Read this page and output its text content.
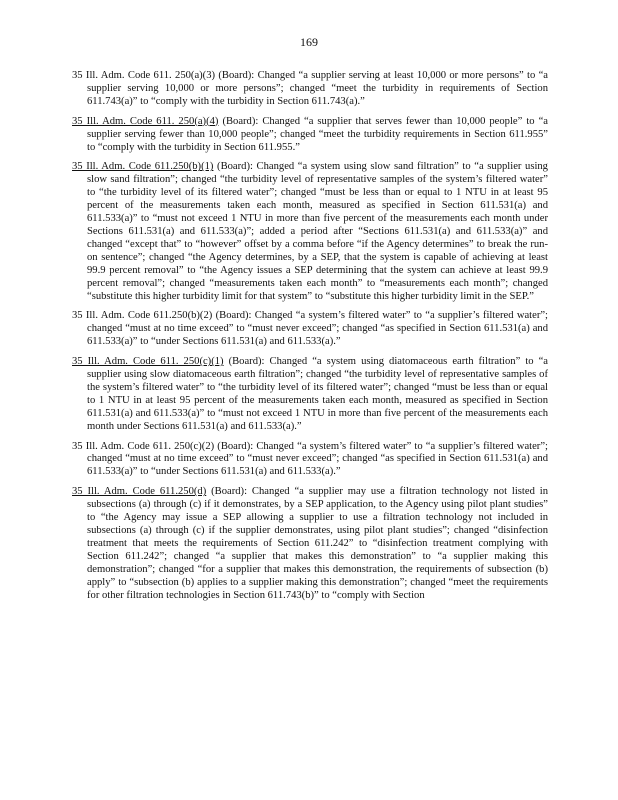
169

35 Ill. Adm. Code 611. 250(a)(3) (Board): Changed “a supplier serving at least 10,000 or more persons” to “a supplier serving 10,000 or more persons”; changed “meet the turbidity in requirements of Section 611.743(a)” to “comply with the turbidity in Section 611.743(a).”

35 Ill. Adm. Code 611. 250(a)(4) (Board): Changed “a supplier that serves fewer than 10,000 people” to “a supplier serving fewer than 10,000 people”; changed “meet the turbidity requirements in Section 611.955” to “comply with the turbidity in Section 611.955.”

35 Ill. Adm. Code 611.250(b)(1) (Board): Changed “a system using slow sand filtration” to “a supplier using slow sand filtration”; changed “the turbidity level of representative samples of the system’s filtered water” to “the turbidity level of its filtered water”; changed “must be less than or equal to 1 NTU in at least 95 percent of the measurements taken each month, measured as specified in Section 611.531(a) and 611.533(a)” to “must not exceed 1 NTU in more than five percent of the measurements each month under Sections 611.531(a) and 611.533(a)”; added a period after “Sections 611.531(a) and 611.533(a)” and changed “except that” to “however” offset by a comma before “if the Agency determines” to break the run-on sentence”; changed “the Agency determines, by a SEP, that the system is capable of achieving at least 99.9 percent removal” to “the Agency issues a SEP determining that the system can achieve at least 99.9 percent removal”; changed “measurements taken each month” to “measurements each month”; changed “substitute this higher turbidity limit for that system” to “substitute this higher turbidity limit in the SEP.”

35 Ill. Adm. Code 611.250(b)(2) (Board): Changed “a system’s filtered water” to “a supplier’s filtered water”; changed “must at no time exceed” to “must never exceed”; changed “as specified in Section 611.531(a) and 611.533(a)” to “under Sections 611.531(a) and 611.533(a).”

35 Ill. Adm. Code 611. 250(c)(1) (Board): Changed “a system using diatomaceous earth filtration” to “a supplier using slow diatomaceous earth filtration”; changed “the turbidity level of representative samples of the system’s filtered water” to “the turbidity level of its filtered water”; changed “must be less than or equal to 1 NTU in at least 95 percent of the measurements taken each month, measured as specified in Section 611.531(a) and 611.533(a)” to “must not exceed 1 NTU in more than five percent of the measurements each month under Sections 611.531(a) and 611.533(a).”

35 Ill. Adm. Code 611. 250(c)(2) (Board): Changed “a system’s filtered water” to “a supplier’s filtered water”; changed “must at no time exceed” to “must never exceed”; changed “as specified in Section 611.531(a) and 611.533(a)” to “under Sections 611.531(a) and 611.533(a).”

35 Ill. Adm. Code 611.250(d) (Board): Changed “a supplier may use a filtration technology not listed in subsections (a) through (c) if it demonstrates, by a SEP application, to the Agency using pilot plant studies” to “the Agency may issue a SEP allowing a supplier to use a filtration technology not included in subsections (a) through (c) if the supplier demonstrates, using pilot plant studies”; changed “disinfection treatment that meets the requirements of Section 611.242” to “disinfection treatment complying with Section 611.242”; changed “a supplier that makes this demonstration” to “a supplier making this demonstration”; changed “for a supplier that makes this demonstration, the requirements of subsection (b) apply” to “subsection (b) applies to a supplier making this demonstration”; changed “meet the requirements for other filtration technologies in Section 611.743(b)” to “comply with Section
